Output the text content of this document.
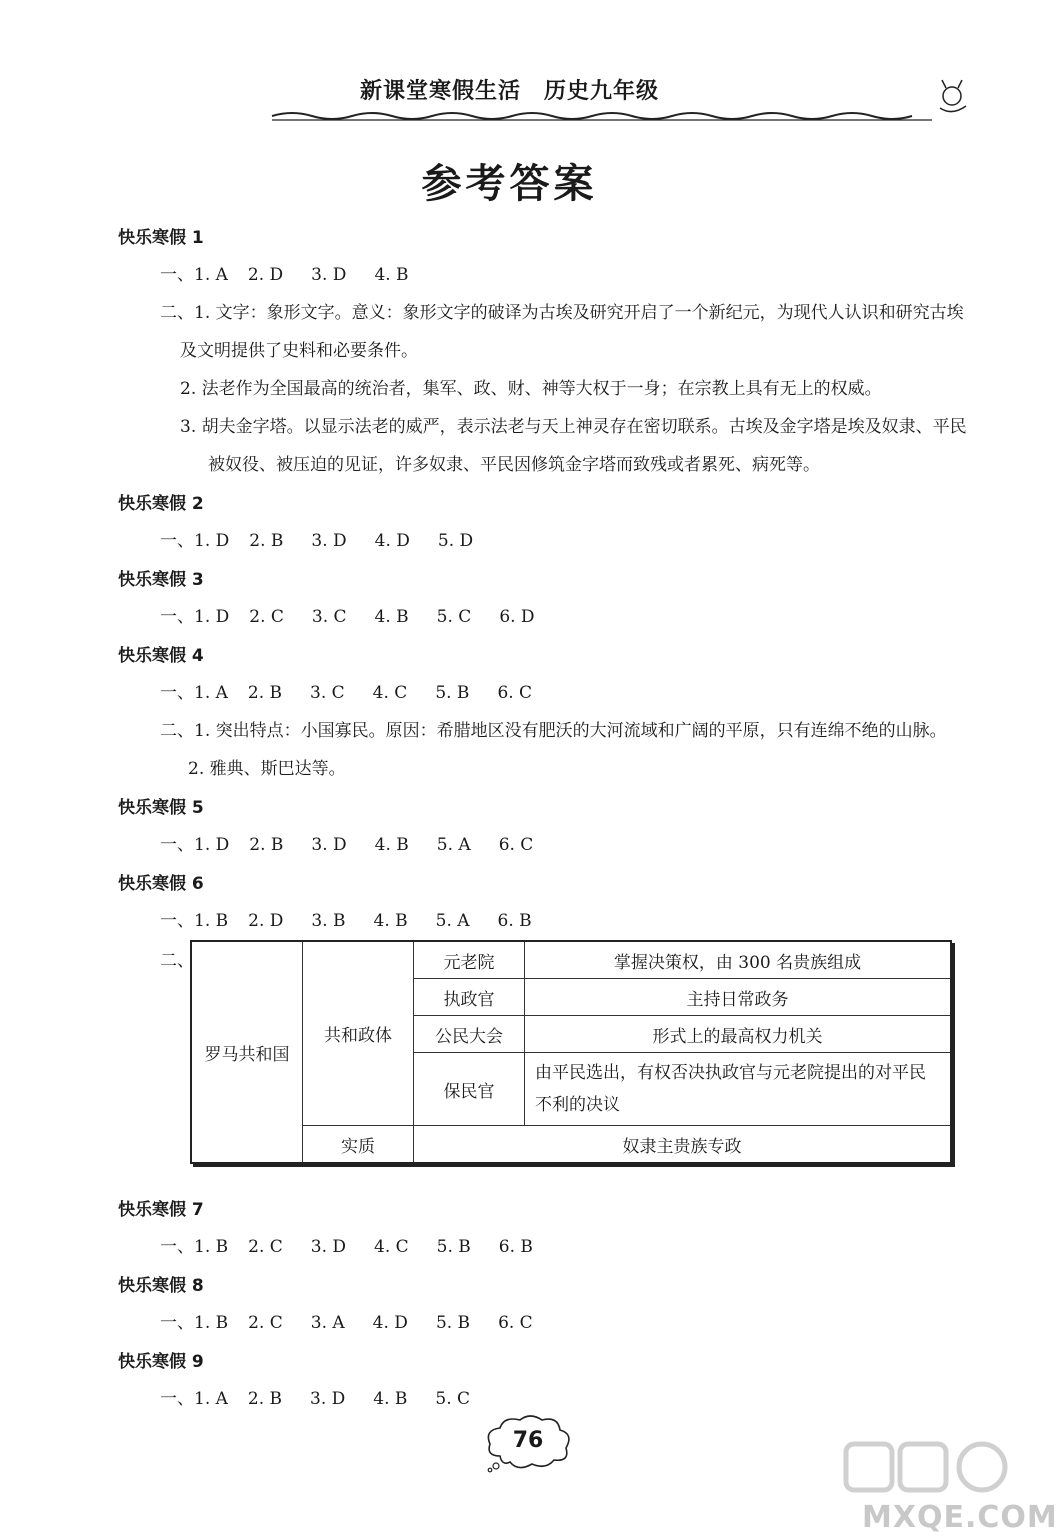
新课堂寒假生活　历史九年级
参考答案
快乐寒假 1
一、1. A 2. D 3. D 4. B
二、1. 文字：象形文字。意义：象形文字的破译为古埃及研究开启了一个新纪元，为现代人认识和研究古埃及文明提供了史料和必要条件。
2. 法老作为全国最高的统治者，集军、政、财、神等大权于一身；在宗教上具有无上的权威。
3. 胡夫金字塔。以显示法老的威严，表示法老与天上神灵存在密切联系。古埃及金字塔是埃及奴隶、平民被奴役、被压迫的见证，许多奴隶、平民因修筑金字塔而致残或者累死、病死等。
快乐寒假 2
一、1. D 2. B 3. D 4. D 5. D
快乐寒假 3
一、1. D 2. C 3. C 4. B 5. C 6. D
快乐寒假 4
一、1. A 2. B 3. C 4. C 5. B 6. C
二、1. 突出特点：小国寡民。原因：希腊地区没有肥沃的大河流域和广阔的平原，只有连绵不绝的山脉。
2. 雅典、斯巴达等。
快乐寒假 5
一、1. D 2. B 3. D 4. B 5. A 6. C
快乐寒假 6
一、1. B 2. D 3. B 4. B 5. A 6. B
二、
罗马共和国	共和政体	元老院	掌握决策权，由 300 名贵族组成
		执政官	主持日常政务
		公民大会	形式上的最高权力机关
		保民官	由平民选出，有权否决执政官与元老院提出的对平民不利的决议
	实质	奴隶主贵族专政	
快乐寒假 7
一、1. B 2. C 3. D 4. C 5. B 6. B
快乐寒假 8
一、1. B 2. C 3. A 4. D 5. B 6. C
快乐寒假 9
一、1. A 2. B 3. D 4. B 5. C
76
MXQE.COM
